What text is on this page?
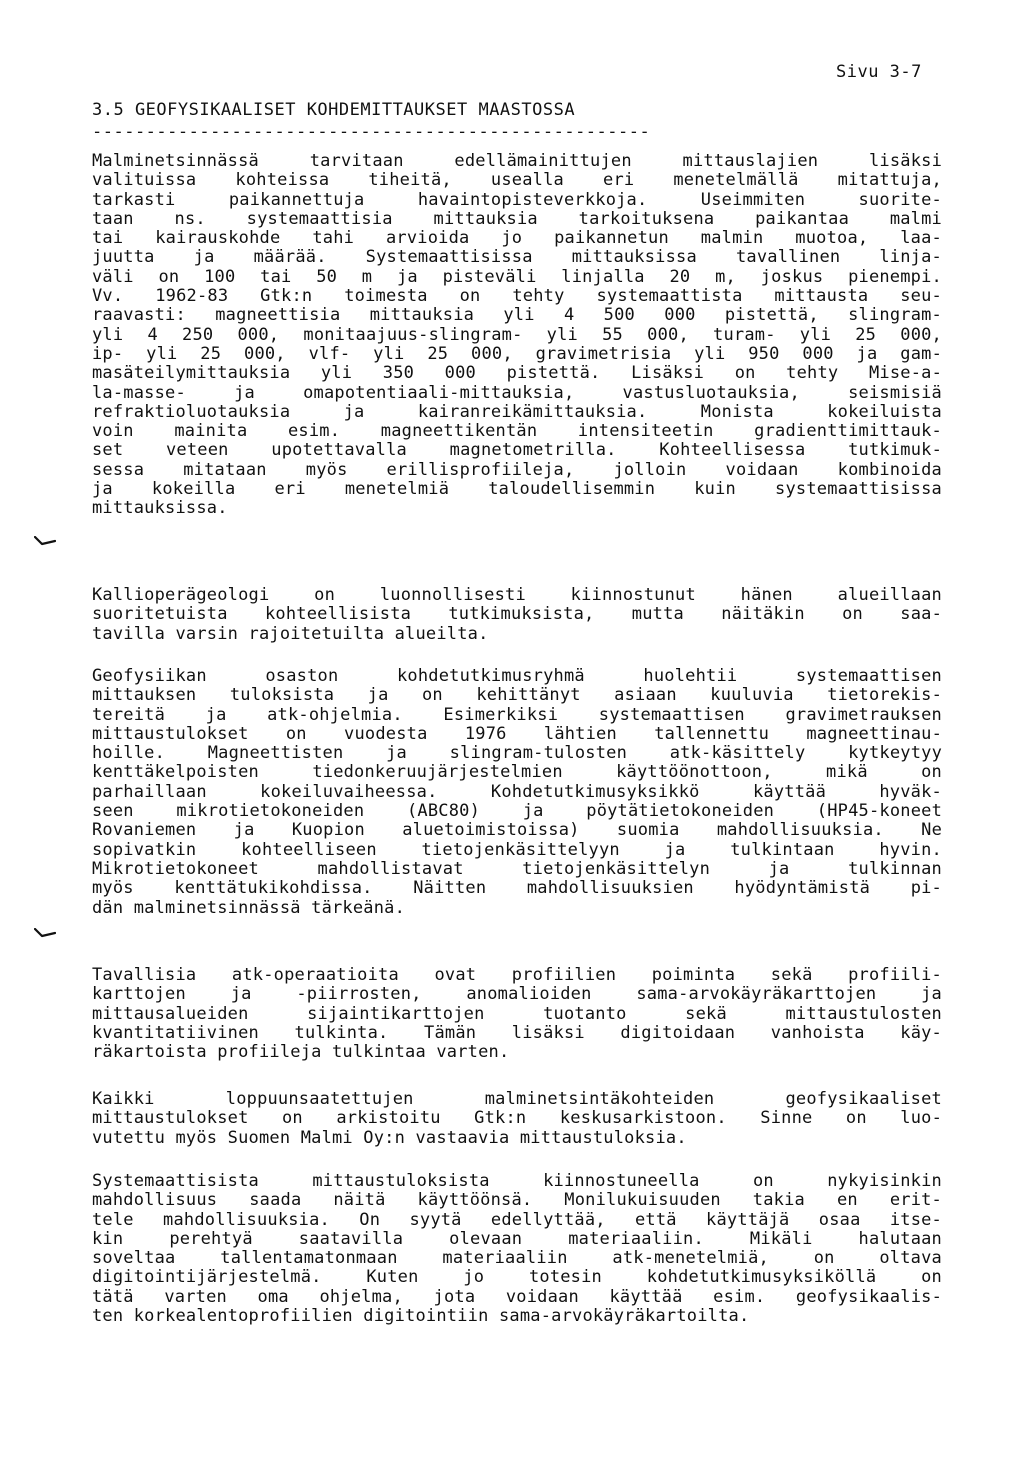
Sivu 3-7
3.5 GEOFYSIKAALISET KOHDEMITTAUKSET MAASTOSSA
----------------------------------------------------
Malminetsinnässä tarvitaan edellämainittujen mittauslajien lisäksi
valituissa kohteissa tiheitä, usealla eri menetelmällä mitattuja,
tarkasti paikannettuja havaintopisteverkkoja. Useimmiten suorite-
taan ns. systemaattisia mittauksia tarkoituksena paikantaa malmi
tai kairauskohde tahi arvioida jo paikannetun malmin muotoa, laa-
juutta ja määrää. Systemaattisissa mittauksissa tavallinen linja-
väli on 100 tai 50 m ja pisteväli linjalla 20 m, joskus pienempi.
Vv. 1962-83 Gtk:n toimesta on tehty systemaattista mittausta seu-
raavasti: magneettisia mittauksia yli 4 500 000 pistettä, slingram-
yli 4 250 000, monitaajuus-slingram- yli 55 000, turam- yli 25 000,
ip- yli 25 000, vlf- yli 25 000, gravimetrisia yli 950 000 ja gam-
masäteilymittauksia yli 350 000 pistettä. Lisäksi on tehty Mise-a-
la-masse- ja omapotentiaali-mittauksia, vastusluotauksia, seismisiä
refraktioluotauksia ja kairanreikämittauksia. Monista kokeiluista
voin mainita esim. magneettikentän intensiteetin gradienttimittauk-
set veteen upotettavalla magnetometrilla. Kohteellisessa tutkimuk-
sessa mitataan myös erillisprofiileja, jolloin voidaan kombinoida
ja kokeilla eri menetelmiä taloudellisemmin kuin systemaattisissa
mittauksissa.
Kallioperägeologi on luonnollisesti kiinnostunut hänen alueillaan
suoritetuista kohteellisista tutkimuksista, mutta näitäkin on saa-
tavilla varsin rajoitetuilta alueilta.
Geofysiikan osaston kohdetutkimusryhmä huolehtii systemaattisen
mittauksen tuloksista ja on kehittänyt asiaan kuuluvia tietorekis-
tereitä ja atk-ohjelmia. Esimerkiksi systemaattisen gravimetrauksen
mittaustulokset on vuodesta 1976 lähtien tallennettu magneettinau-
hoille. Magneettisten ja slingram-tulosten atk-käsittely kytkeytyy
kenttäkelpoisten tiedonkeruujärjestelmien käyttöönottoon, mikä on
parhaillaan kokeiluvaiheessa. Kohdetutkimusyksikkö käyttää hyväk-
seen mikrotietokoneiden (ABC80) ja pöytätietokoneiden (HP45-koneet
Rovaniemen ja Kuopion aluetoimistoissa) suomia mahdollisuuksia. Ne
sopivatkin kohteelliseen tietojenkäsittelyyn ja tulkintaan hyvin.
Mikrotietokoneet mahdollistavat tietojenkäsittelyn ja tulkinnan
myös kenttätukikohdissa. Näitten mahdollisuuksien hyödyntämistä pi-
dän malminetsinnässä tärkeänä.
Tavallisia atk-operaatioita ovat profiilien poiminta sekä profiili-
karttojen ja -piirrosten, anomalioiden sama-arvokäyräkarttojen ja
mittausalueiden sijaintikarttojen tuotanto sekä mittaustulosten
kvantitatiivinen tulkinta. Tämän lisäksi digitoidaan vanhoista käy-
räkartoista profiileja tulkintaa varten.
Kaikki loppuunsaatettujen malminetsintäkohteiden geofysikaaliset
mittaustulokset on arkistoitu Gtk:n keskusarkistoon. Sinne on luo-
vutettu myös Suomen Malmi Oy:n vastaavia mittaustuloksia.
Systemaattisista mittaustuloksista kiinnostuneella on nykyisinkin
mahdollisuus saada näitä käyttöönsä. Monilukuisuuden takia en erit-
tele mahdollisuuksia. On syytä edellyttää, että käyttäjä osaa itse-
kin perehtyä saatavilla olevaan materiaaliin. Mikäli halutaan
soveltaa tallentamatonmaan materiaaliin atk-menetelmiä, on oltava
digitointijärjestelmä. Kuten jo totesin kohdetutkimusyksiköllä on
tätä varten oma ohjelma, jota voidaan käyttää esim. geofysikaalis-
ten korkealentoprofiilien digitointiin sama-arvokäyräkartoilta.
